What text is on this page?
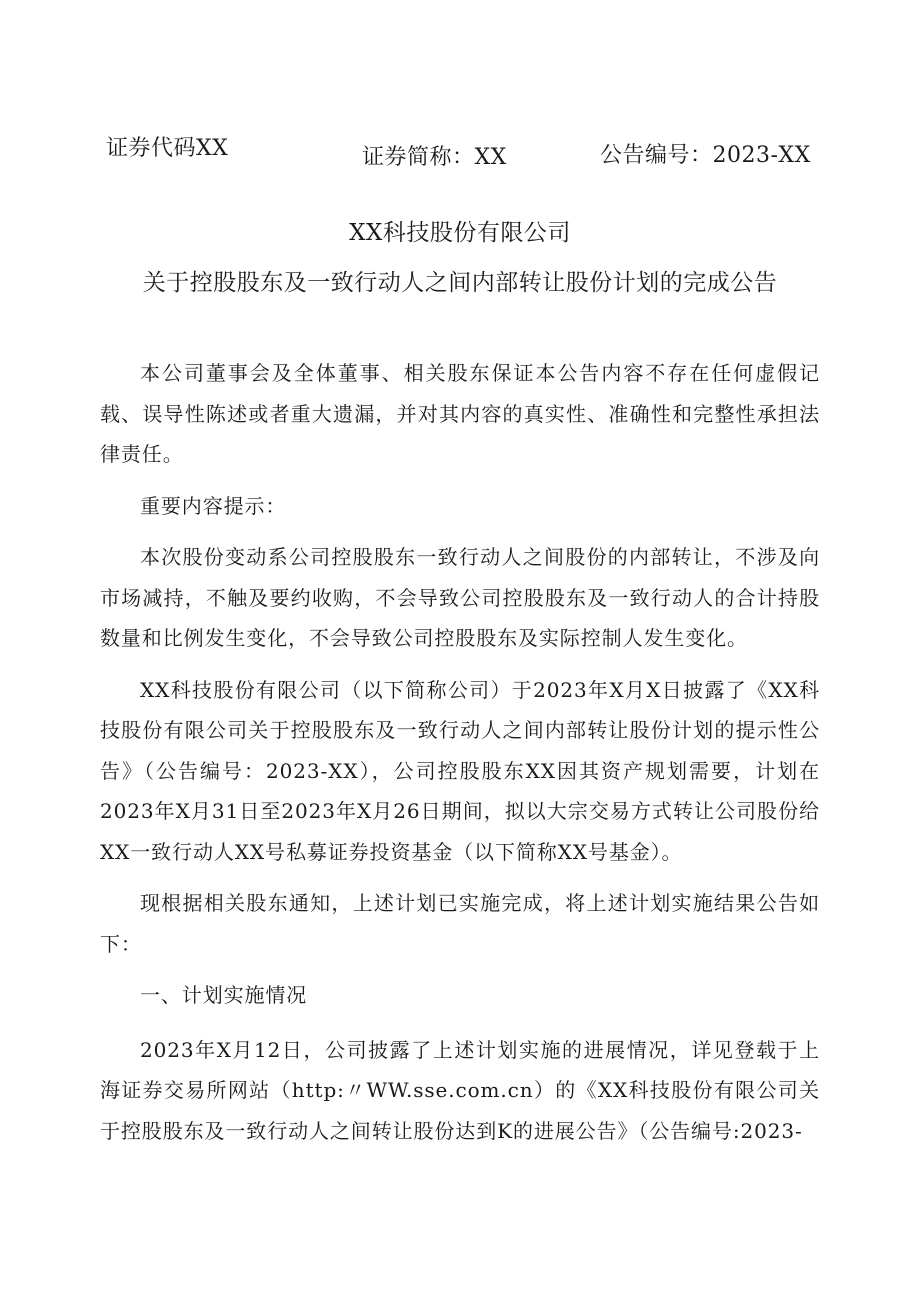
证券代码XX	证券简称：XX	公告编号：2023-XX
XX科技股份有限公司
关于控股股东及一致行动人之间内部转让股份计划的完成公告

本公司董事会及全体董事、相关股东保证本公告内容不存在任何虚假记载、误导性陈述或者重大遗漏，并对其内容的真实性、准确性和完整性承担法律责任。

重要内容提示：

本次股份变动系公司控股股东一致行动人之间股份的内部转让，不涉及向市场减持，不触及要约收购，不会导致公司控股股东及一致行动人的合计持股数量和比例发生变化，不会导致公司控股股东及实际控制人发生变化。

XX科技股份有限公司（以下简称公司）于2023年X月X日披露了《XX科技股份有限公司关于控股股东及一致行动人之间内部转让股份计划的提示性公告》（公告编号：2023-XX），公司控股股东XX因其资产规划需要，计划在2023年X月31日至2023年X月26日期间，拟以大宗交易方式转让公司股份给XX一致行动人XX号私募证券投资基金（以下简称XX号基金）。

现根据相关股东通知，上述计划已实施完成，将上述计划实施结果公告如下：

一、计划实施情况

2023年X月12日，公司披露了上述计划实施的进展情况，详见登载于上海证券交易所网站（http:〃WW.sse.com.cn）的《XX科技股份有限公司关于控股股东及一致行动人之间转让股份达到K的进展公告》（公告编号:2023-
